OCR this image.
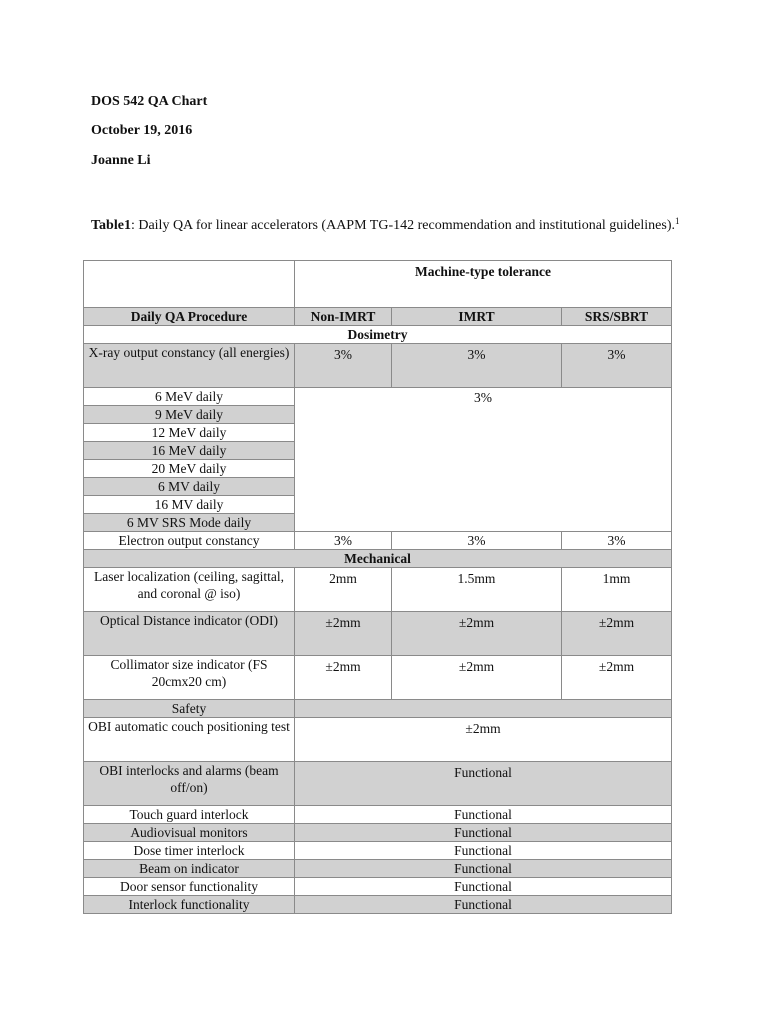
DOS 542 QA Chart
October 19, 2016
Joanne Li
Table1: Daily QA for linear accelerators (AAPM TG-142 recommendation and institutional guidelines).$^1$
	Machine-type tolerance		
Daily QA Procedure	Non-IMRT	IMRT	SRS/SBRT
Dosimetry			
X-ray output constancy (all energies)	3%	3%	3%
6 MeV daily	3%		
9 MeV daily			
12 MeV daily			
16 MeV daily			
20 MeV daily			
6 MV daily			
16 MV daily			
6 MV SRS Mode daily			
Electron output constancy	3%	3%	3%
Mechanical			
Laser localization (ceiling, sagittal, and coronal @ iso)	2mm	1.5mm	1mm
Optical Distance indicator (ODI)	±2mm	±2mm	±2mm
Collimator size indicator (FS 20cmx20 cm)	±2mm	±2mm	±2mm
Safety			
OBI automatic couch positioning test	±2mm		
OBI interlocks and alarms (beam off/on)	Functional		
Touch guard interlock	Functional		
Audiovisual monitors	Functional		
Dose timer interlock	Functional		
Beam on indicator	Functional		
Door sensor functionality	Functional		
Interlock functionality	Functional		
